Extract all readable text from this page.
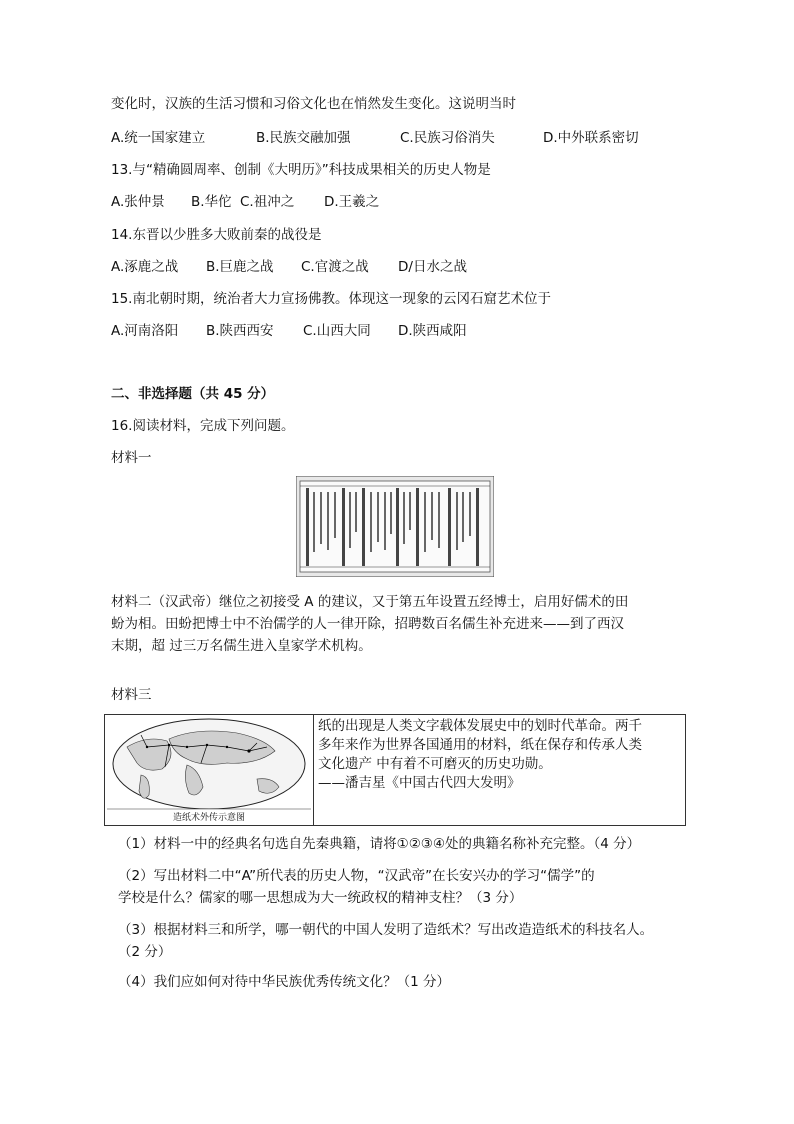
变化时，汉族的生活习惯和习俗文化也在悄然发生变化。这说明当时
A.统一国家建立	B.民族交融加强	C.民族习俗消失	D.中外联系密切
13.与“精确圆周率、创制《大明历》”科技成果相关的历史人物是
A.张仲景 B.华佗 C.祖冲之 D.王羲之
14.东晋以少胜多大败前秦的战役是
A.涿鹿之战 B.巨鹿之战 C.官渡之战 D/日水之战
15.南北朝时期，统治者大力宣扬佛教。体现这一现象的云冈石窟艺术位于
A.河南洛阳 B.陕西西安 C.山西大同 D.陕西咸阳
二、非选择题（共 45 分）
16.阅读材料，完成下列问题。
材料一
材料二（汉武帝）继位之初接受 A 的建议，又于第五年设置五经博士，启用好儒术的田
蚡为相。田蚡把博士中不治儒学的人一律开除，招聘数百名儒生补充进来——到了西汉
末期，超 过三万名儒生进入皇家学术机构。
材料三
造纸术外传示意图
纸的出现是人类文字载体发展史中的划时代革命。两千
多年来作为世界各国通用的材料，纸在保存和传承人类
文化遗产 中有着不可磨灭的历史功勋。
——潘吉星《中国古代四大发明》
（1）材料一中的经典名句选自先秦典籍，请将①②③④处的典籍名称补充完整。（4 分）
（2）写出材料二中“A”所代表的历史人物，“汉武帝”在长安兴办的学习“儒学”的
学校是什么？儒家的哪一思想成为大一统政权的精神支柱？（3 分）
（3）根据材料三和所学，哪一朝代的中国人发明了造纸术？写出改造造纸术的科技名人。
（2 分）
（4）我们应如何对待中华民族优秀传统文化？（1 分）
